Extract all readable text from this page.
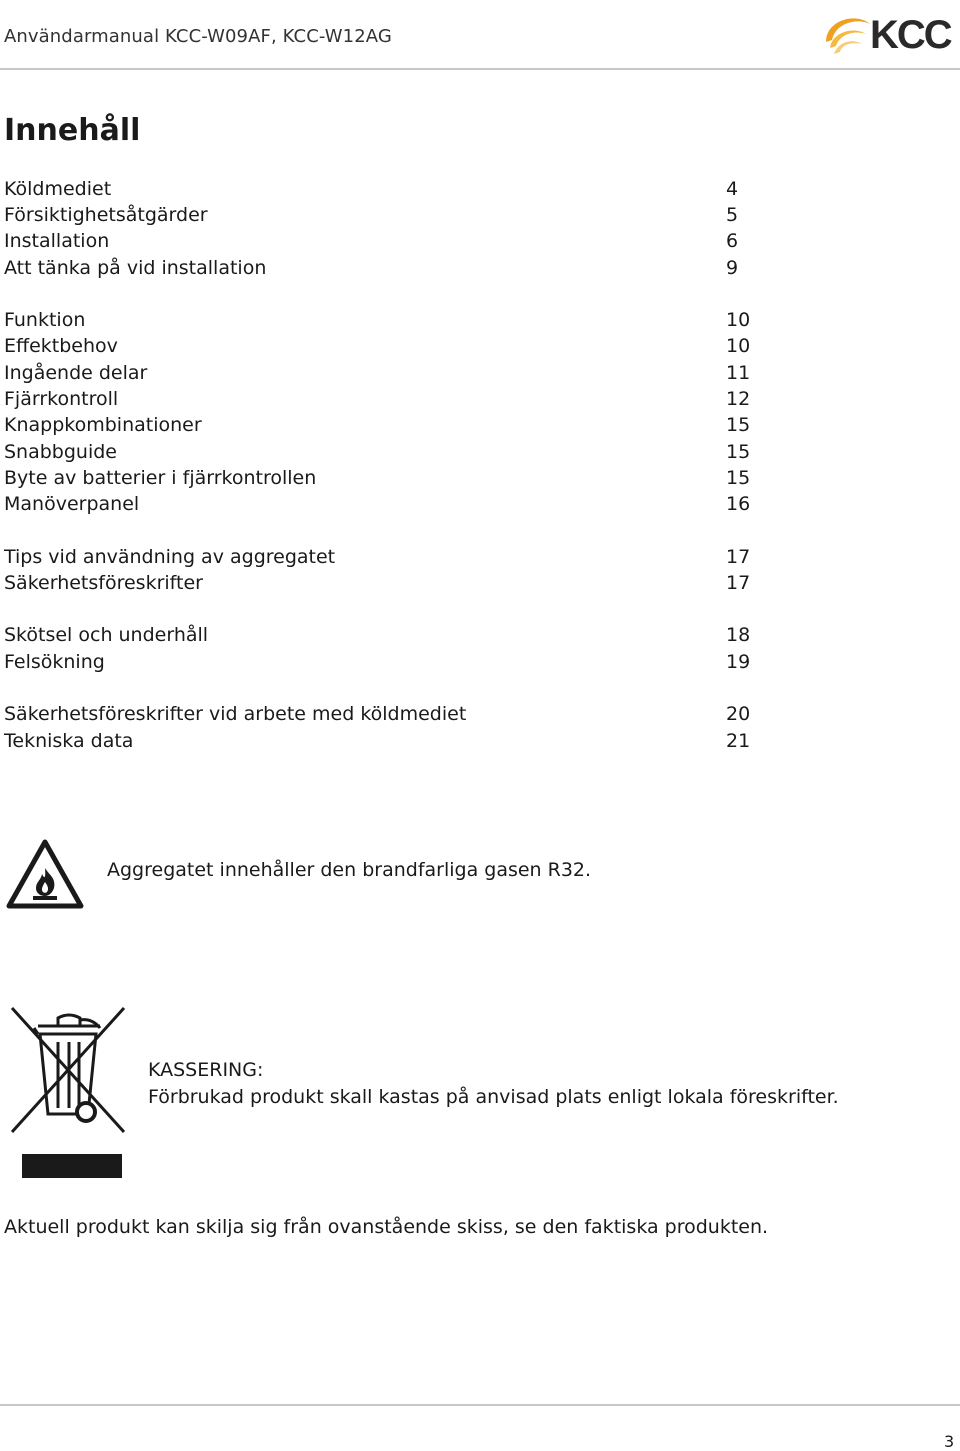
Användarmanual KCC-W09AF, KCC-W12AG	KCC
Innehåll
Köldmediet	4
Försiktighetsåtgärder	5
Installation	6
Att tänka på vid installation	9
Funktion	10
Effektbehov	10
Ingående delar	11
Fjärrkontroll	12
Knappkombinationer	15
Snabbguide	15
Byte av batterier i fjärrkontrollen	15
Manöverpanel	16
Tips vid användning av aggregatet	17
Säkerhetsföreskrifter	17
Skötsel och underhåll	18
Felsökning	19
Säkerhetsföreskrifter vid arbete med köldmediet	20
Tekniska data	21
Aggregatet innehåller den brandfarliga gasen R32.
KASSERING:
Förbrukad produkt skall kastas på anvisad plats enligt lokala föreskrifter.
Aktuell produkt kan skilja sig från ovanstående skiss, se den faktiska produkten.
3
